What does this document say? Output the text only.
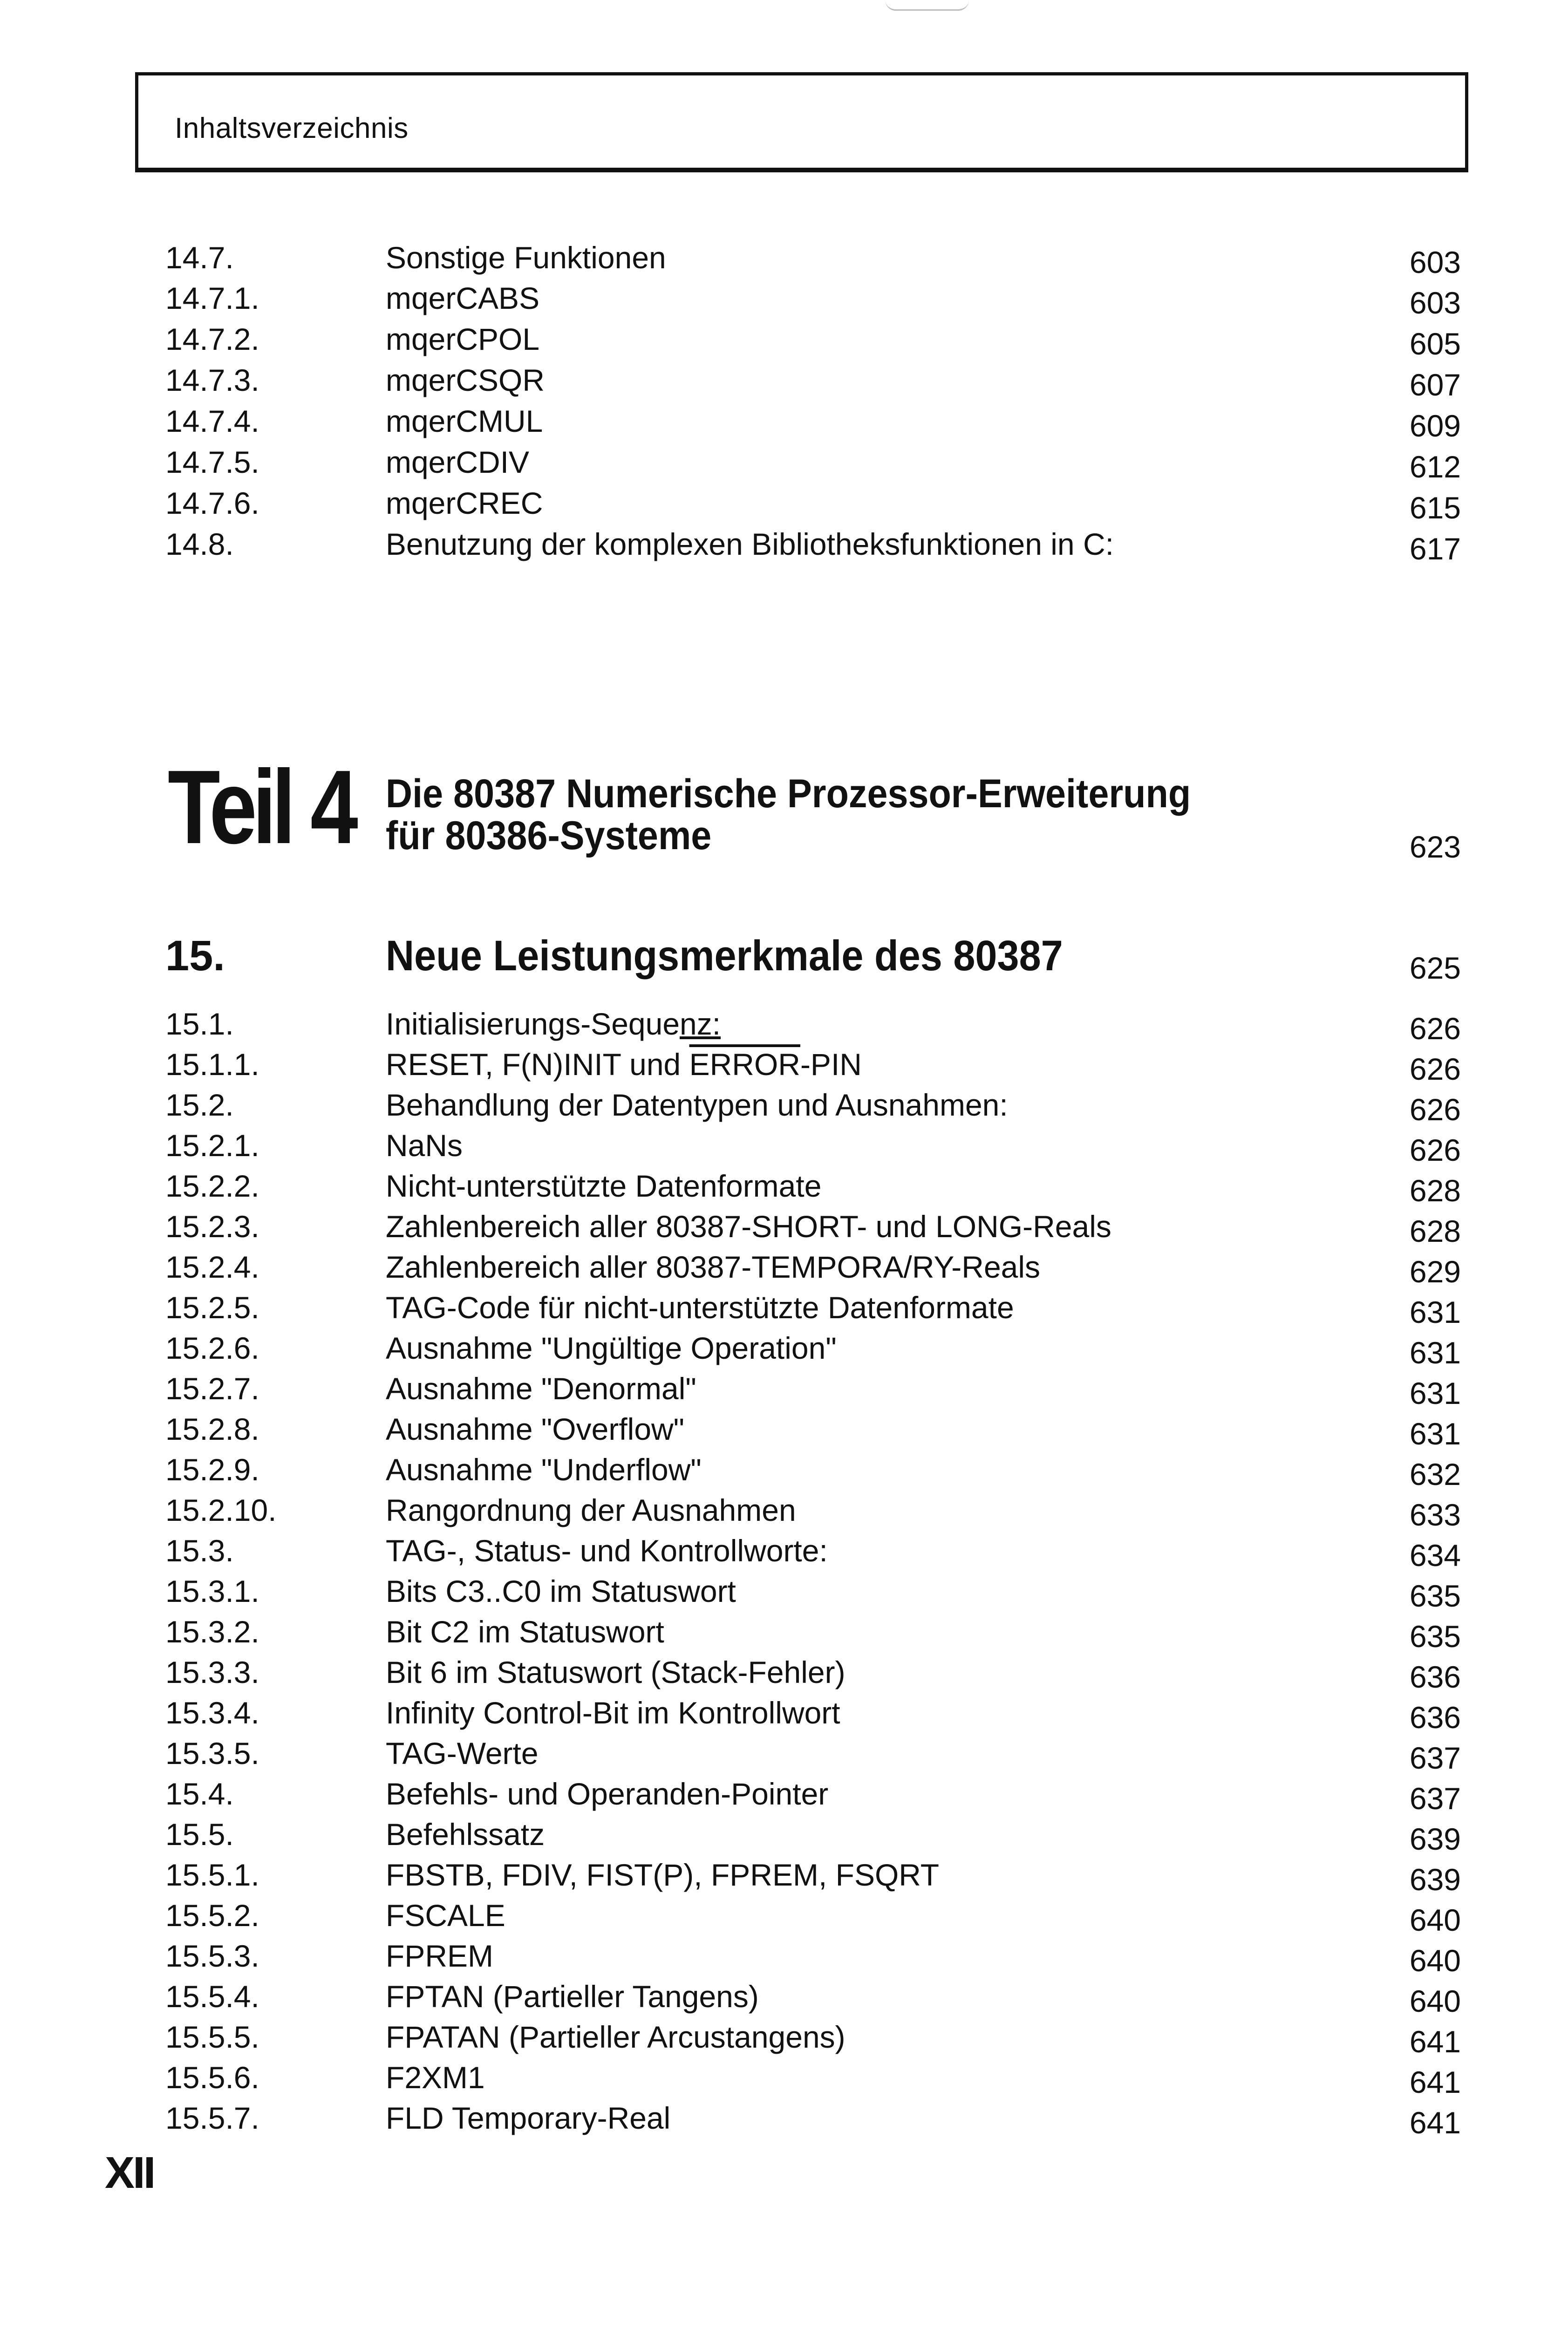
Inhaltsverzeichnis
14.7.	Sonstige Funktionen	603
14.7.1.	mqerCABS	603
14.7.2.	mqerCPOL	605
14.7.3.	mqerCSQR	607
14.7.4.	mqerCMUL	609
14.7.5.	mqerCDIV	612
14.7.6.	mqerCREC	615
14.8.	Benutzung der komplexen Bibliotheksfunktionen in C:	617
Teil 4 Die 80387 Numerische Prozessor-Erweiterung
für 80386-Systeme	623
15.	Neue Leistungsmerkmale des 80387	625
15.1.	Initialisierungs-Sequenz:	626
15.1.1.	RESET, F(N)INIT und ERROR-PIN	626
15.2.	Behandlung der Datentypen und Ausnahmen:	626
15.2.1.	NaNs	626
15.2.2.	Nicht-unterstützte Datenformate	628
15.2.3.	Zahlenbereich aller 80387-SHORT- und LONG-Reals	628
15.2.4.	Zahlenbereich aller 80387-TEMPORA/RY-Reals	629
15.2.5.	TAG-Code für nicht-unterstützte Datenformate	631
15.2.6.	Ausnahme "Ungültige Operation"	631
15.2.7.	Ausnahme "Denormal"	631
15.2.8.	Ausnahme "Overflow"	631
15.2.9.	Ausnahme "Underflow"	632
15.2.10.	Rangordnung der Ausnahmen	633
15.3.	TAG-, Status- und Kontrollworte:	634
15.3.1.	Bits C3..C0 im Statuswort	635
15.3.2.	Bit C2 im Statuswort	635
15.3.3.	Bit 6 im Statuswort (Stack-Fehler)	636
15.3.4.	Infinity Control-Bit im Kontrollwort	636
15.3.5.	TAG-Werte	637
15.4.	Befehls- und Operanden-Pointer	637
15.5.	Befehlssatz	639
15.5.1.	FBSTB, FDIV, FIST(P), FPREM, FSQRT	639
15.5.2.	FSCALE	640
15.5.3.	FPREM	640
15.5.4.	FPTAN (Partieller Tangens)	640
15.5.5.	FPATAN (Partieller Arcustangens)	641
15.5.6.	F2XM1	641
15.5.7.	FLD Temporary-Real	641
XII
